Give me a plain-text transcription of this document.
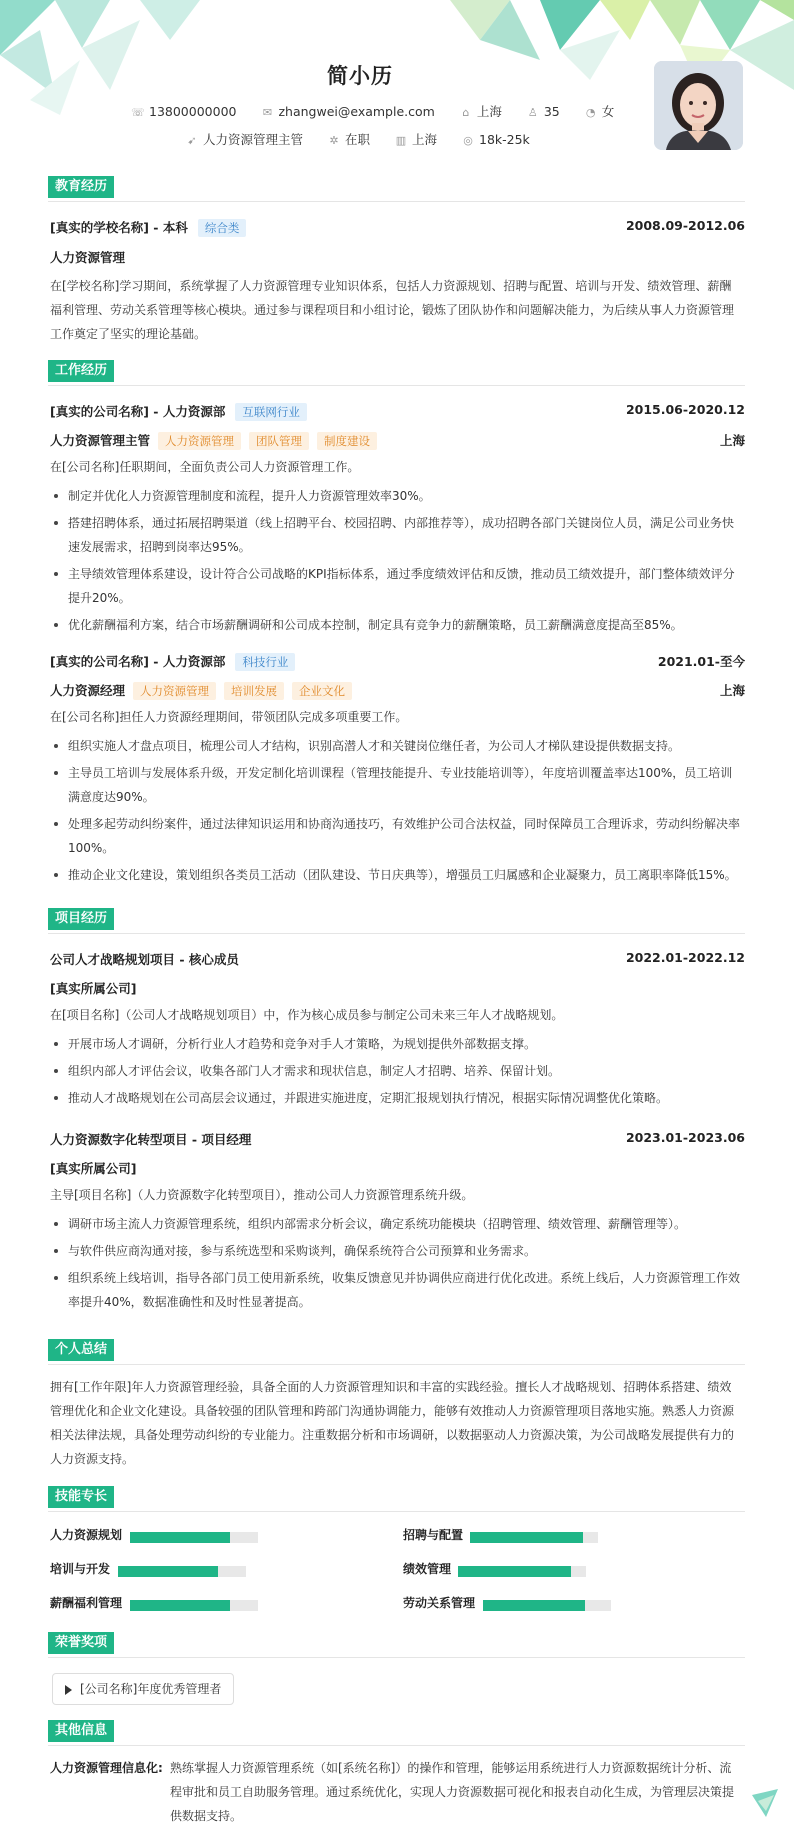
简小历
☏ 13800000000 ✉ zhangwei@example.com ⌂ 上海 ♙ 35 ◔ 女
➹ 人力资源管理主管 ✲ 在职 ▥ 上海 ◎ 18k-25k
教育经历
[真实的学校名称] - 本科 综合类	2008.09-2012.06
人力资源管理
在[学校名称]学习期间，系统掌握了人力资源管理专业知识体系，包括人力资源规划、招聘与配置、培训与开发、绩效管理、薪酬福利管理、劳动关系管理等核心模块。通过参与课程项目和小组讨论，锻炼了团队协作和问题解决能力，为后续从事人力资源管理工作奠定了坚实的理论基础。
工作经历
[真实的公司名称] - 人力资源部 互联网行业	2015.06-2020.12
人力资源管理主管 人力资源管理 团队管理 制度建设	上海
在[公司名称]任职期间，全面负责公司人力资源管理工作。
制定并优化人力资源管理制度和流程，提升人力资源管理效率30%。
搭建招聘体系，通过拓展招聘渠道（线上招聘平台、校园招聘、内部推荐等），成功招聘各部门关键岗位人员，满足公司业务快速发展需求，招聘到岗率达95%。
主导绩效管理体系建设，设计符合公司战略的KPI指标体系，通过季度绩效评估和反馈，推动员工绩效提升，部门整体绩效评分提升20%。
优化薪酬福利方案，结合市场薪酬调研和公司成本控制，制定具有竞争力的薪酬策略，员工薪酬满意度提高至85%。
[真实的公司名称] - 人力资源部 科技行业	2021.01-至今
人力资源经理 人力资源管理 培训发展 企业文化	上海
在[公司名称]担任人力资源经理期间，带领团队完成多项重要工作。
组织实施人才盘点项目，梳理公司人才结构，识别高潜人才和关键岗位继任者，为公司人才梯队建设提供数据支持。
主导员工培训与发展体系升级，开发定制化培训课程（管理技能提升、专业技能培训等），年度培训覆盖率达100%，员工培训满意度达90%。
处理多起劳动纠纷案件，通过法律知识运用和协商沟通技巧，有效维护公司合法权益，同时保障员工合理诉求，劳动纠纷解决率100%。
推动企业文化建设，策划组织各类员工活动（团队建设、节日庆典等），增强员工归属感和企业凝聚力，员工离职率降低15%。
项目经历
公司人才战略规划项目 - 核心成员	2022.01-2022.12
[真实所属公司]
在[项目名称]（公司人才战略规划项目）中，作为核心成员参与制定公司未来三年人才战略规划。
开展市场人才调研，分析行业人才趋势和竞争对手人才策略，为规划提供外部数据支撑。
组织内部人才评估会议，收集各部门人才需求和现状信息，制定人才招聘、培养、保留计划。
推动人才战略规划在公司高层会议通过，并跟进实施进度，定期汇报规划执行情况，根据实际情况调整优化策略。
人力资源数字化转型项目 - 项目经理	2023.01-2023.06
[真实所属公司]
主导[项目名称]（人力资源数字化转型项目），推动公司人力资源管理系统升级。
调研市场主流人力资源管理系统，组织内部需求分析会议，确定系统功能模块（招聘管理、绩效管理、薪酬管理等）。
与软件供应商沟通对接，参与系统选型和采购谈判，确保系统符合公司预算和业务需求。
组织系统上线培训，指导各部门员工使用新系统，收集反馈意见并协调供应商进行优化改进。系统上线后，人力资源管理工作效率提升40%，数据准确性和及时性显著提高。
个人总结
拥有[工作年限]年人力资源管理经验，具备全面的人力资源管理知识和丰富的实践经验。擅长人才战略规划、招聘体系搭建、绩效管理优化和企业文化建设。具备较强的团队管理和跨部门沟通协调能力，能够有效推动人力资源管理项目落地实施。熟悉人力资源相关法律法规，具备处理劳动纠纷的专业能力。注重数据分析和市场调研，以数据驱动人力资源决策，为公司战略发展提供有力的人力资源支持。
技能专长
人力资源规划	招聘与配置
培训与开发	绩效管理
薪酬福利管理	劳动关系管理
荣誉奖项
[公司名称]年度优秀管理者
其他信息
人力资源管理信息化: 熟练掌握人力资源管理系统（如[系统名称]）的操作和管理，能够运用系统进行人力资源数据统计分析、流程审批和员工自助服务管理。通过系统优化，实现人力资源数据可视化和报表自动化生成，为管理层决策提供数据支持。
